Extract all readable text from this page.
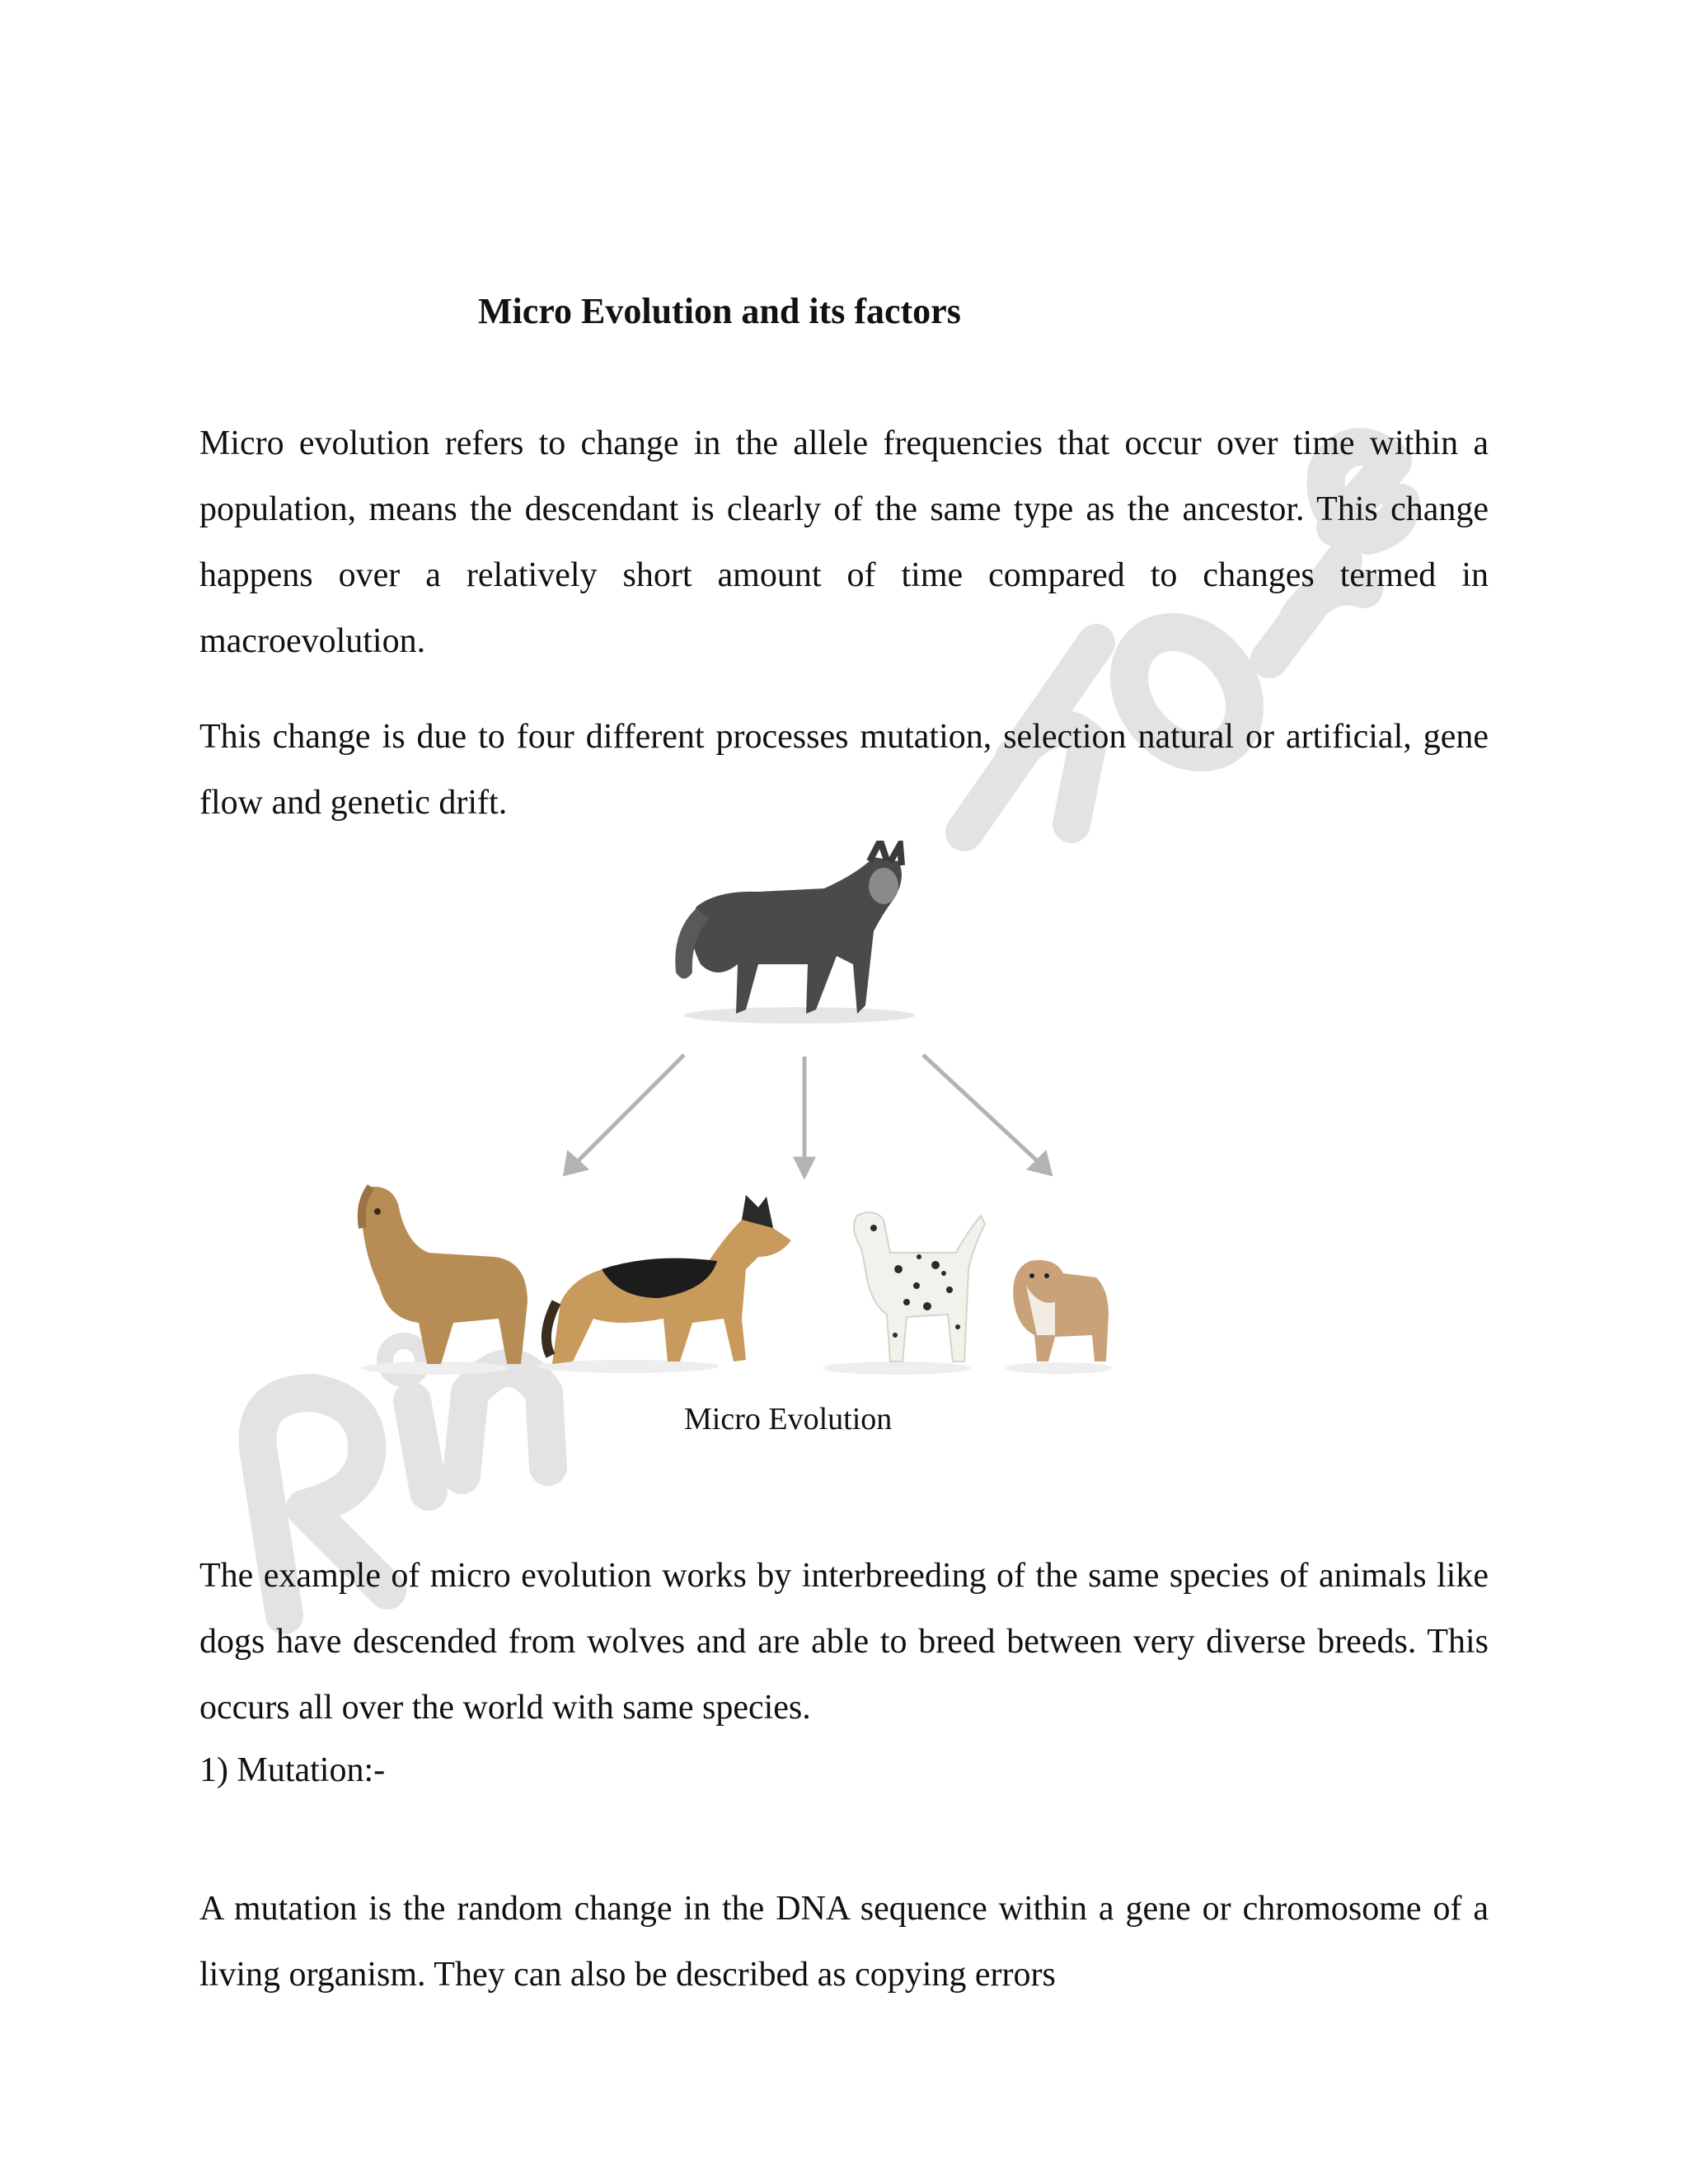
Micro Evolution and its factors

Micro evolution refers to change in the allele frequencies that occur over time within a population, means the descendant is clearly of the same type as the ancestor. This change happens over a relatively short amount of time compared to changes termed in macroevolution.

This change is due to four different processes mutation, selection natural or artificial, gene flow and genetic drift.

Micro Evolution

The example of micro evolution works by interbreeding of the same species of animals like dogs have descended from wolves and are able to breed between very diverse breeds. This occurs all over the world with same species.

1) Mutation:-

A mutation is the random change in the DNA sequence within a gene or chromosome of a living organism. They can also be described as copying errors
